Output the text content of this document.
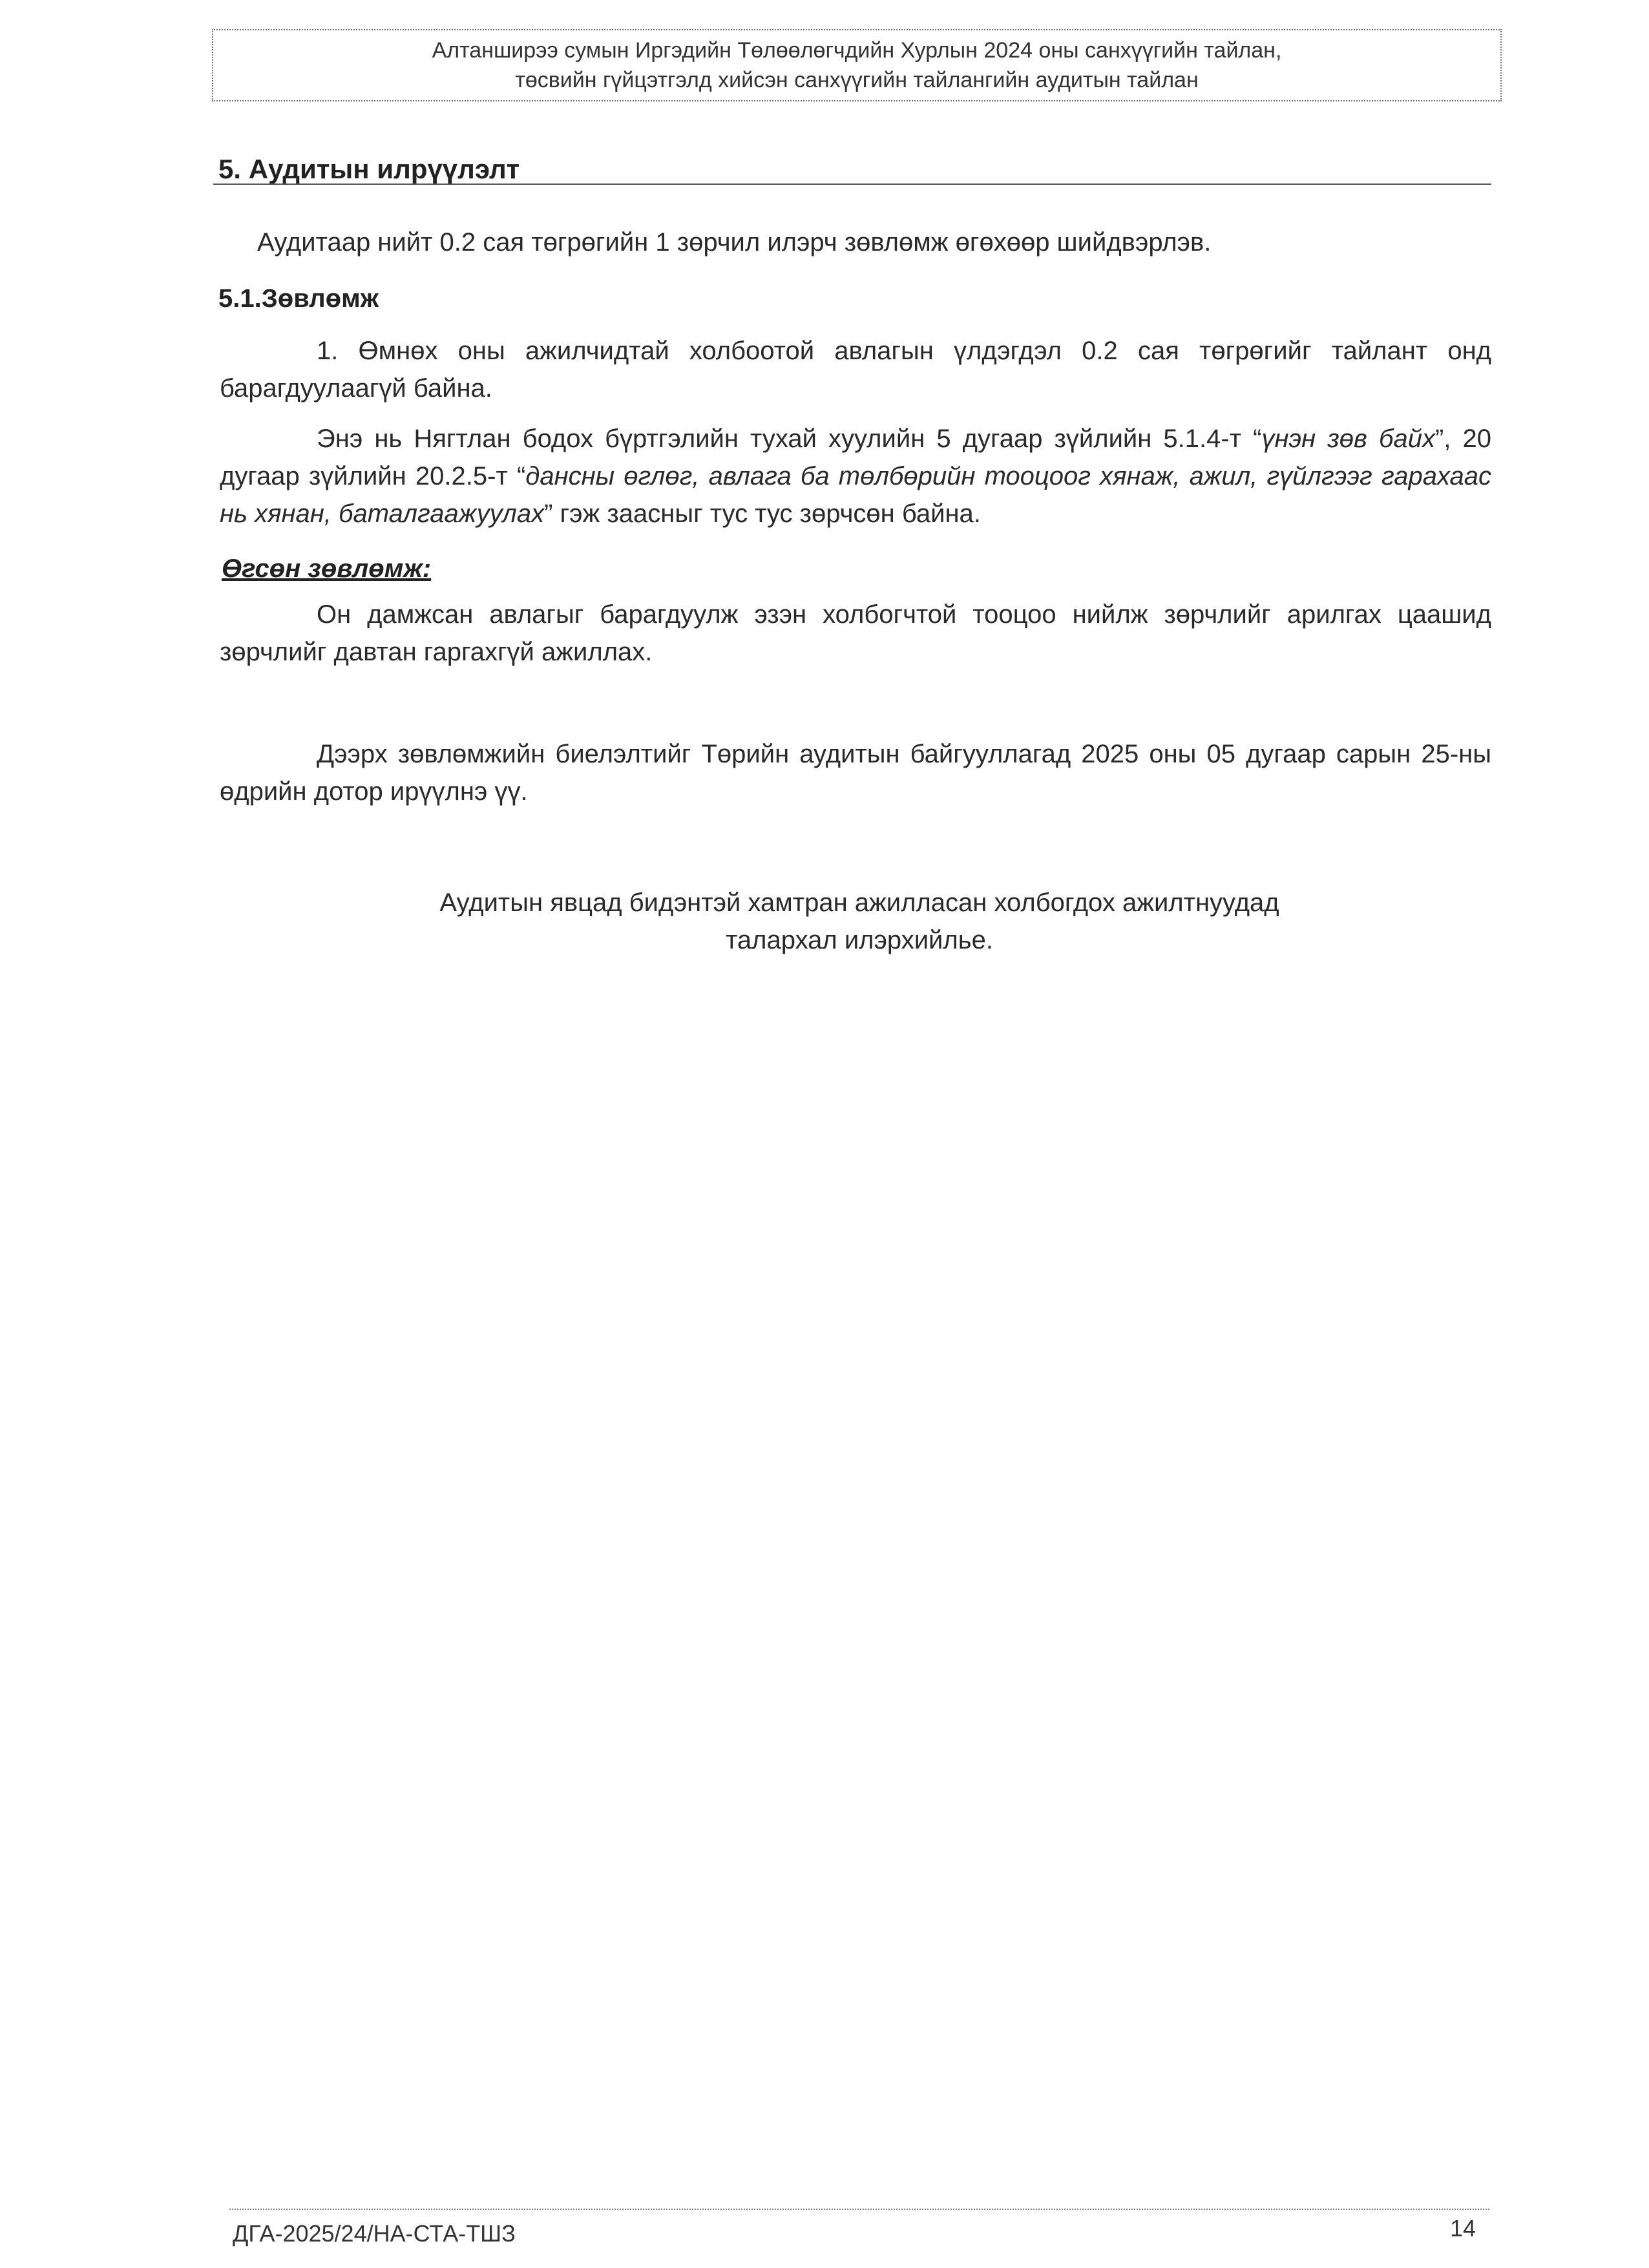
Алтанширээ сумын Иргэдийн Төлөөлөгчдийн Хурлын 2024 оны санхүүгийн тайлан,
төсвийн гүйцэтгэлд хийсэн санхүүгийн тайлангийн аудитын тайлан
5. Аудитын илрүүлэлт
Аудитаар нийт 0.2 сая төгрөгийн 1 зөрчил илэрч зөвлөмж өгөхөөр шийдвэрлэв.
5.1.Зөвлөмж
1. Өмнөх оны ажилчидтай холбоотой авлагын үлдэгдэл 0.2 сая төгрөгийг тайлант онд барагдуулаагүй байна.
Энэ нь Нягтлан бодох бүртгэлийн тухай хуулийн 5 дугаар зүйлийн 5.1.4-т “үнэн зөв байх”, 20 дугаар зүйлийн 20.2.5-т “дансны өглөг, авлага ба төлбөрийн тооцоог хянаж, ажил, гүйлгээг гарахаас нь хянан, баталгаажуулах” гэж заасныг тус тус зөрчсөн байна.
Өгсөн зөвлөмж:
Он дамжсан авлагыг барагдуулж эзэн холбогчтой тооцоо нийлж зөрчлийг арилгах цаашид зөрчлийг давтан гаргахгүй ажиллах.
Дээрх зөвлөмжийн биелэлтийг Төрийн аудитын байгууллагад 2025 оны 05 дугаар сарын 25-ны өдрийн дотор ирүүлнэ үү.
Аудитын явцад бидэнтэй хамтран ажилласан холбогдох ажилтнуудад
талархал илэрхийлье.
ДГА-2025/24/НА-СТА-ТШЗ	14
